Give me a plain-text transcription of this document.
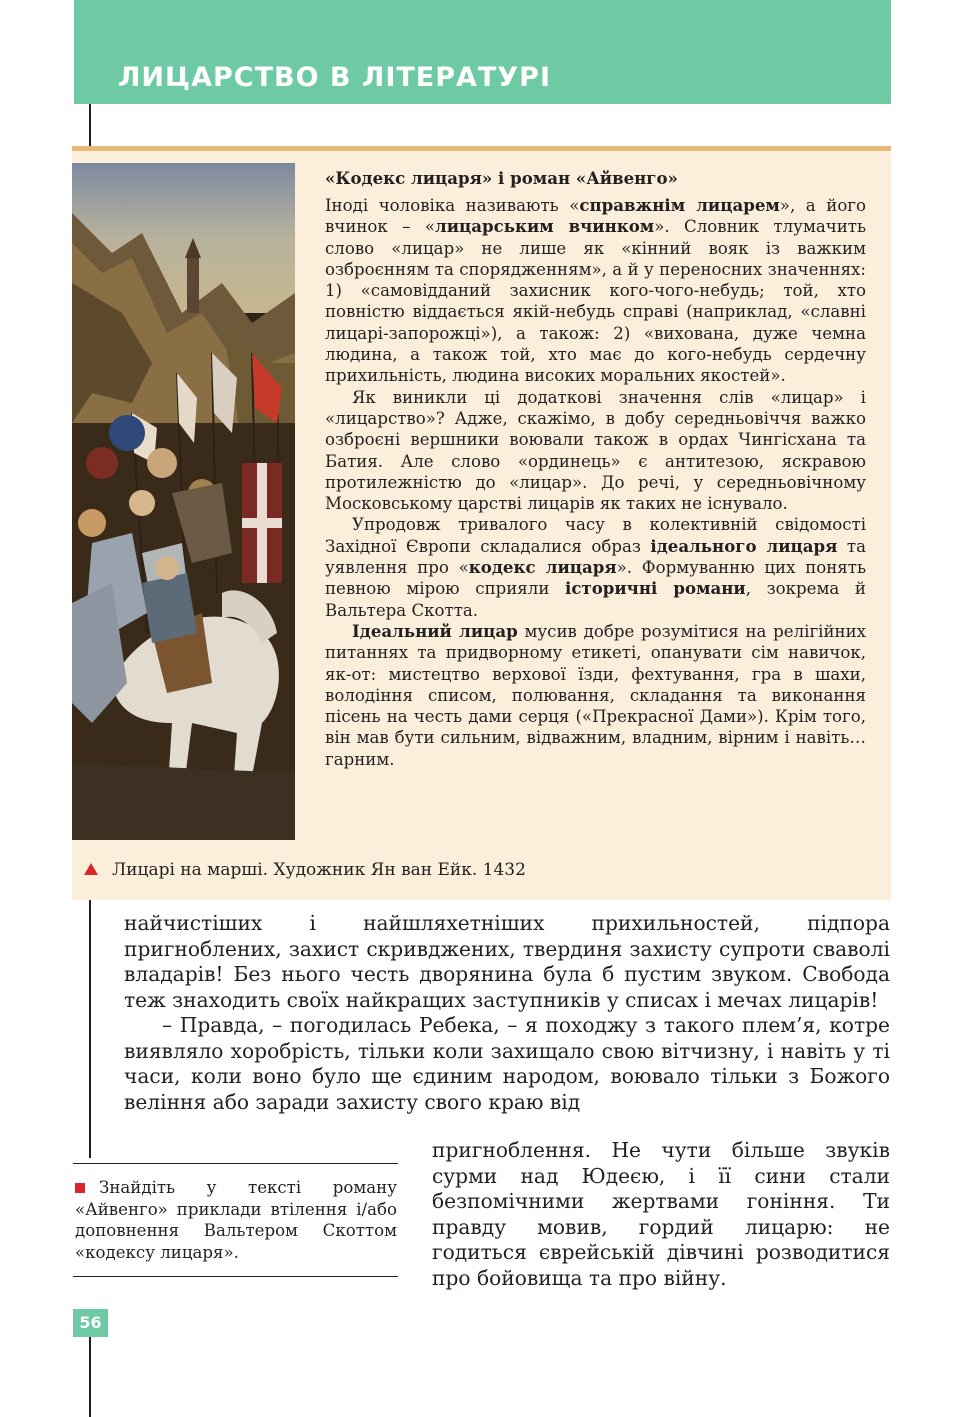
ЛИЦАРСТВО В ЛІТЕРАТУРІ
«Кодекс лицаря» і роман «Айвенго»

Іноді чоловіка називають «справжнім лицарем», а його вчинок – «лицарським вчинком». Словник тлумачить слово «лицар» не лише як «кінний вояк із важким озброєнням та спорядженням», а й у переносних значеннях: 1) «самовідданий захисник кого-чого-небудь; той, хто повністю віддається якій-небудь справі (наприклад, «славні лицарі-запорожці»), а також: 2) «вихована, дуже чемна людина, а також той, хто має до кого-небудь сердечну прихильність, людина високих моральних якостей».

Як виникли ці додаткові значення слів «лицар» і «лицарство»? Адже, скажімо, в добу середньовіччя важко озброєні вершники воювали також в ордах Чингісхана та Батия. Але слово «ординець» є антитезою, яскравою протилежністю до «лицар». До речі, у середньовічному Московському царстві лицарів як таких не існувало.

Упродовж тривалого часу в колективній свідомості Західної Європи складалися образ ідеального лицаря та уявлення про «кодекс лицаря». Формуванню цих понять певною мірою сприяли історичні романи, зокрема й Вальтера Скотта.

Ідеальний лицар мусив добре розумітися на релігійних питаннях та придворному етикеті, опанувати сім навичок, як-от: мистецтво верхової їзди, фехтування, гра в шахи, володіння списом, полювання, складання та виконання пісень на честь дами серця («Прекрасної Дами»). Крім того, він мав бути сильним, відважним, владним, вірним і навіть… гарним.

Лицарі на марші. Художник Ян ван Ейк. 1432

найчистіших і найшляхетніших прихильностей, підпора пригноблених, захист скривджених, твердиня захисту супроти сваволі владарів! Без нього честь дворянина була б пустим звуком. Свобода теж знаходить своїх найкращих заступників у списах і мечах лицарів!

– Правда, – погодилась Ребека, – я походжу з такого плем’я, котре виявляло хоробрість, тільки коли захищало свою вітчизну, і навіть у ті часи, коли воно було ще єдиним народом, воювало тільки з Божого веління або заради захисту свого краю від

пригноблення. Не чути більше звуків сурми над Юдеєю, і її сини стали безпомічними жертвами гоніння. Ти правду мовив, гордий лицарю: не годиться єврейській дівчині розводитися про бойовища та про війну.

Знайдіть у тексті роману «Айвенго» приклади втілення і/або доповнення Вальтером Скоттом «кодексу лицаря».
56
